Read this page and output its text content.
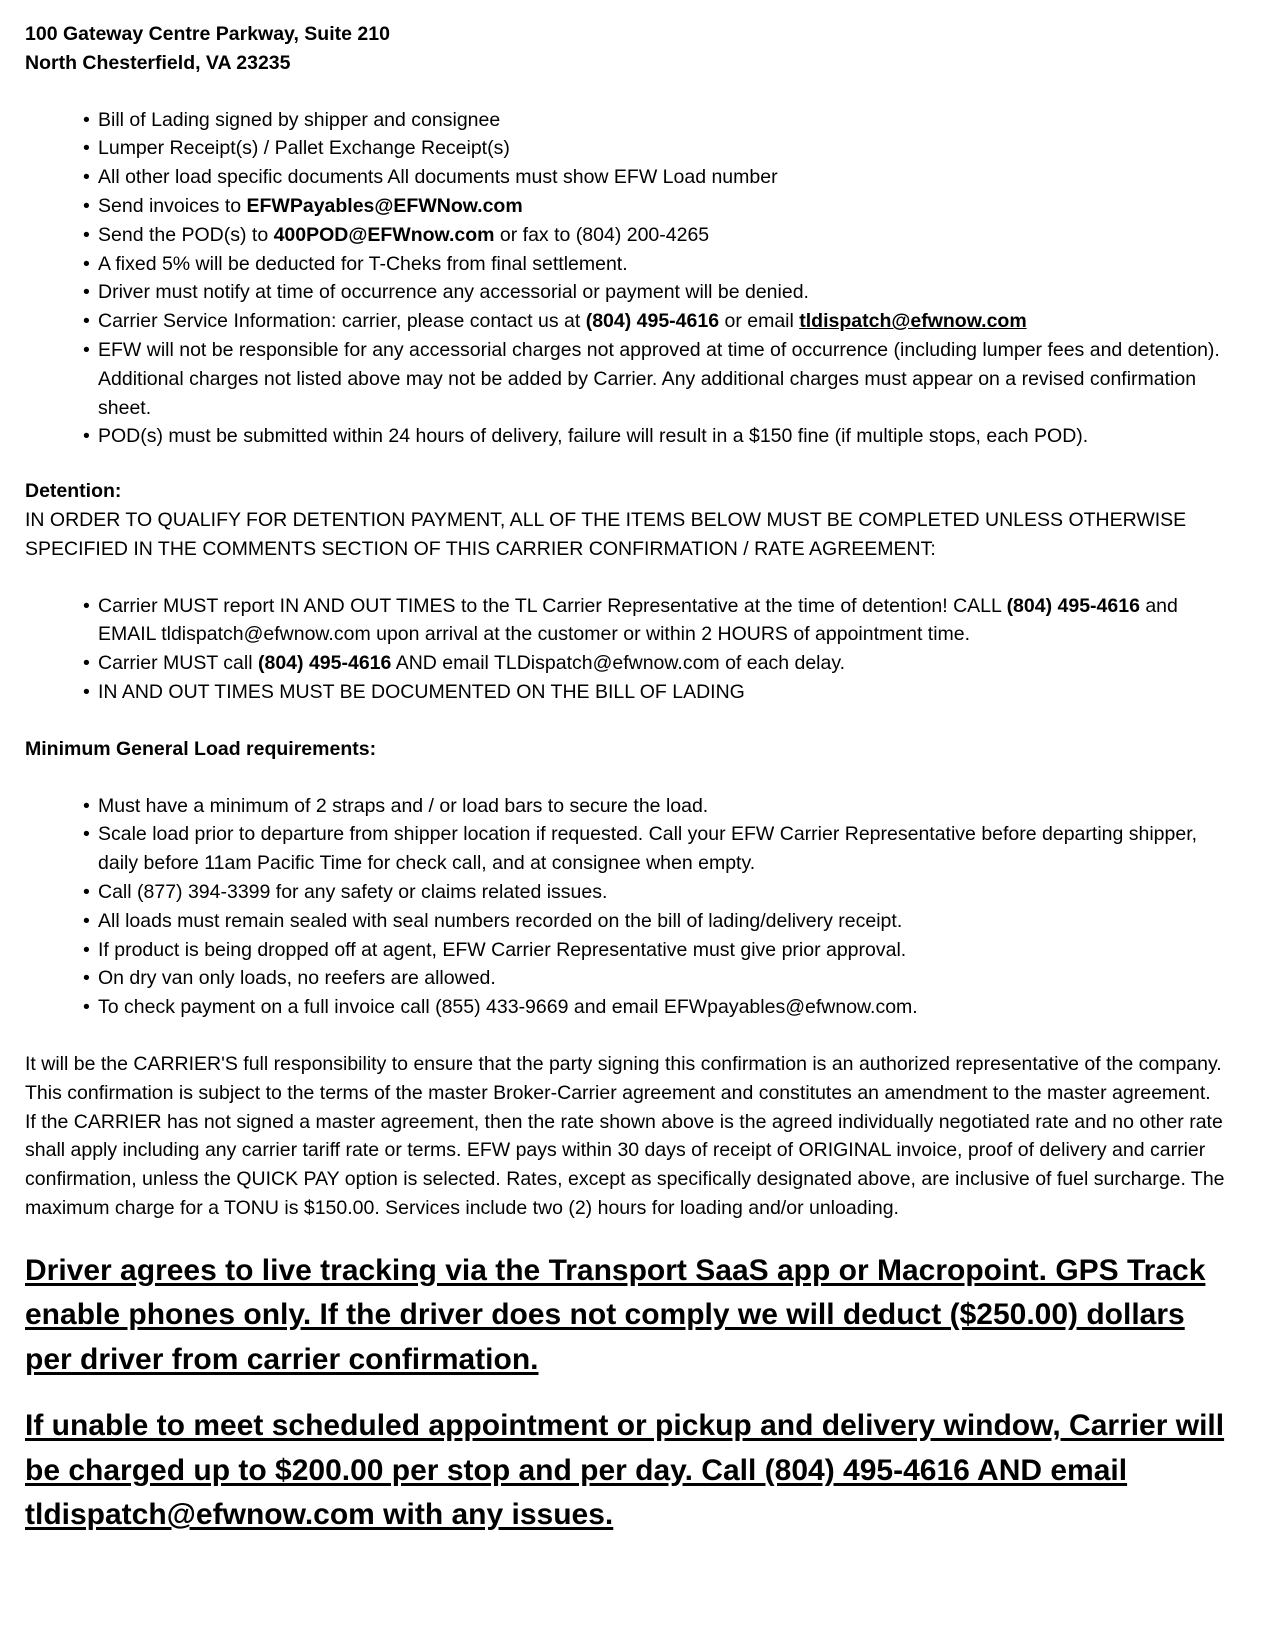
100 Gateway Centre Parkway, Suite 210

North Chesterfield, VA 23235

• Bill of Lading signed by shipper and consignee
• Lumper Receipt(s) / Pallet Exchange Receipt(s)
• All other load specific documents All documents must show EFW Load number
• Send invoices to EFWPayables@EFWNow.com
• Send the POD(s) to 400POD@EFWnow.com or fax to (804) 200-4265
• A fixed 5% will be deducted for T-Cheks from final settlement.
• Driver must notify at time of occurrence any accessorial or payment will be denied.
• Carrier Service Information: carrier, please contact us at (804) 495-4616 or email tldispatch@efwnow.com
• EFW will not be responsible for any accessorial charges not approved at time of occurrence (including lumper fees and detention). Additional charges not listed above may not be added by Carrier. Any additional charges must appear on a revised confirmation sheet.
• POD(s) must be submitted within 24 hours of delivery, failure will result in a $150 fine (if multiple stops, each POD).

Detention:

IN ORDER TO QUALIFY FOR DETENTION PAYMENT, ALL OF THE ITEMS BELOW MUST BE COMPLETED UNLESS OTHERWISE SPECIFIED IN THE COMMENTS SECTION OF THIS CARRIER CONFIRMATION / RATE AGREEMENT:

• Carrier MUST report IN AND OUT TIMES to the TL Carrier Representative at the time of detention! CALL (804) 495-4616 and EMAIL tldispatch@efwnow.com upon arrival at the customer or within 2 HOURS of appointment time.
• Carrier MUST call (804) 495-4616 AND email TLDispatch@efwnow.com of each delay.
• IN AND OUT TIMES MUST BE DOCUMENTED ON THE BILL OF LADING

Minimum General Load requirements:

• Must have a minimum of 2 straps and / or load bars to secure the load.
• Scale load prior to departure from shipper location if requested. Call your EFW Carrier Representative before departing shipper, daily before 11am Pacific Time for check call, and at consignee when empty.
• Call (877) 394-3399 for any safety or claims related issues.
• All loads must remain sealed with seal numbers recorded on the bill of lading/delivery receipt.
• If product is being dropped off at agent, EFW Carrier Representative must give prior approval.
• On dry van only loads, no reefers are allowed.
• To check payment on a full invoice call (855) 433-9669 and email EFWpayables@efwnow.com.

It will be the CARRIER'S full responsibility to ensure that the party signing this confirmation is an authorized representative of the company. This confirmation is subject to the terms of the master Broker-Carrier agreement and constitutes an amendment to the master agreement. If the CARRIER has not signed a master agreement, then the rate shown above is the agreed individually negotiated rate and no other rate shall apply including any carrier tariff rate or terms. EFW pays within 30 days of receipt of ORIGINAL invoice, proof of delivery and carrier confirmation, unless the QUICK PAY option is selected. Rates, except as specifically designated above, are inclusive of fuel surcharge. The maximum charge for a TONU is $150.00. Services include two (2) hours for loading and/or unloading.

Driver agrees to live tracking via the Transport SaaS app or Macropoint. GPS Track enable phones only. If the driver does not comply we will deduct ($250.00) dollars per driver from carrier confirmation.

If unable to meet scheduled appointment or pickup and delivery window, Carrier will be charged up to $200.00 per stop and per day. Call (804) 495-4616 AND email tldispatch@efwnow.com with any issues.
